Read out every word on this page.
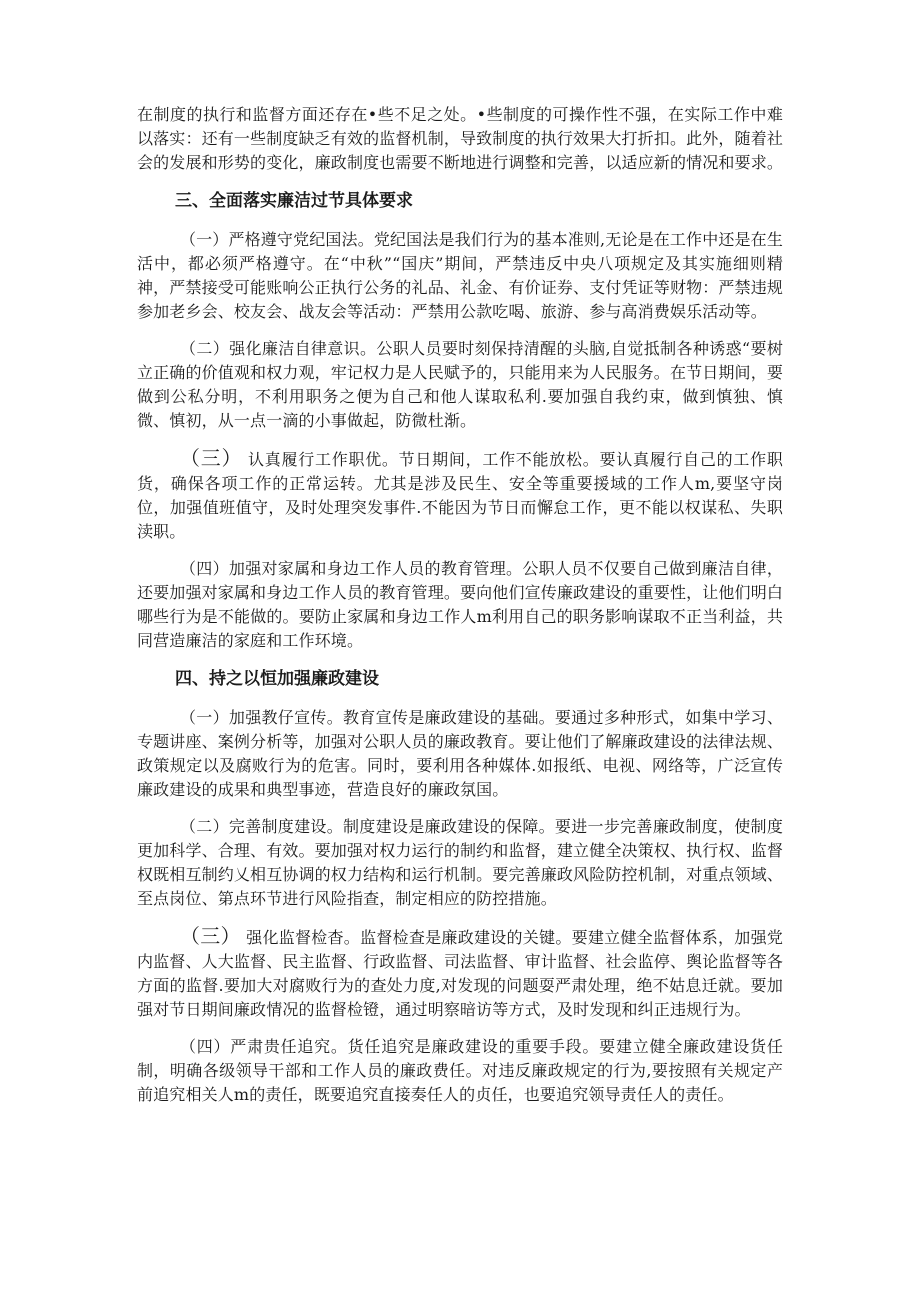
在制度的执行和监督方面还存在•些不足之处。•些制度的可操作性不强，在实际工作中难以落实：还有一些制度缺乏有效的监督机制，导致制度的执行效果大打折扣。此外，随着社会的发展和形势的变化，廉政制度也需要不断地进行调整和完善，以适应新的情况和要求。

三、全面落实廉洁过节具体要求

（一）严格遵守党纪国法。党纪国法是我们行为的基本准则,无论是在工作中还是在生活中，都必须严格遵守。在“中秋”“国庆”期间，严禁违反中央八项规定及其实施细则精神，严禁接受可能账响公正执行公务的礼品、礼金、有价证券、支付凭证等财物：严禁违规参加老乡会、校友会、战友会等活动：严禁用公款吃喝、旅游、参与高消费娱乐活动等。

（二）强化廉洁自律意识。公职人员要时刻保持清醒的头脑,自觉抵制各种诱惑“要树立正确的价值观和权力观，牢记权力是人民赋予的，只能用来为人民服务。在节日期间，要做到公私分明，不利用职务之便为自己和他人谋取私利.要加强自我约束，做到慎独、慎微、慎初，从一点一滴的小事做起，防微杜渐。

（三） 认真履行工作职优。节日期间，工作不能放松。要认真履行自己的工作职货，确保各项工作的正常运转。尤其是涉及民生、安全等重要援域的工作人m,要坚守岗位，加强值班值守，及时处理突发事件.不能因为节日而懈怠工作，更不能以权谋私、失职渎职。

（四）加强对家属和身边工作人员的教育管理。公职人员不仅要自己做到廉洁自律，还要加强对家属和身边工作人员的教育管理。要向他们宣传廉政建设的重要性，让他们明白哪些行为是不能做的。要防止家属和身边工作人m利用自己的职务影响谋取不正当利益，共同营造廉洁的家庭和工作环境。

四、持之以恒加强廉政建设

（一）加强教仔宣传。教育宣传是廉政建设的基础。要通过多种形式，如集中学习、专题讲座、案例分析等，加强对公职人员的廉政教育。要让他们了解廉政建设的法律法规、政策规定以及腐败行为的危害。同时，要利用各种媒体.如报纸、电视、网络等，广泛宣传廉政建设的成果和典型事迹，营造良好的廉政氛国。

（二）完善制度建设。制度建设是廉政建设的保障。要进一步完善廉政制度，使制度更加科学、合理、有效。要加强对权力运行的制约和监督，建立健全决策权、执行权、监督权既相互制约乂相互协调的权力结构和运行机制。要完善廉政风险防控机制，对重点领域、至点岗位、第点环节进行风险指查，制定相应的防控措施。

（三） 强化监督检杳。监督检查是廉政建设的关键。要建立健全监督体系，加强党内监督、人大监督、民主监督、行政监督、司法监督、审计监督、社会监停、舆论监督等各方面的监督.要加大对腐败行为的查处力度,对发现的问题耍严肃处理，绝不姑息迁就。要加强对节日期间廉政情况的监督检镫，通过明察暗访等方式，及时发现和纠正违规行为。

（四）严肃贵任追究。货任追究是廉政建设的重要手段。要建立健全廉政建设货任制，明确各级领导干部和工作人员的廉政费任。对违反廉政规定的行为,要按照有关规定产前追究相关人m的责任，既要追究直接奏任人的贞任，也要追究领导责任人的责任。
